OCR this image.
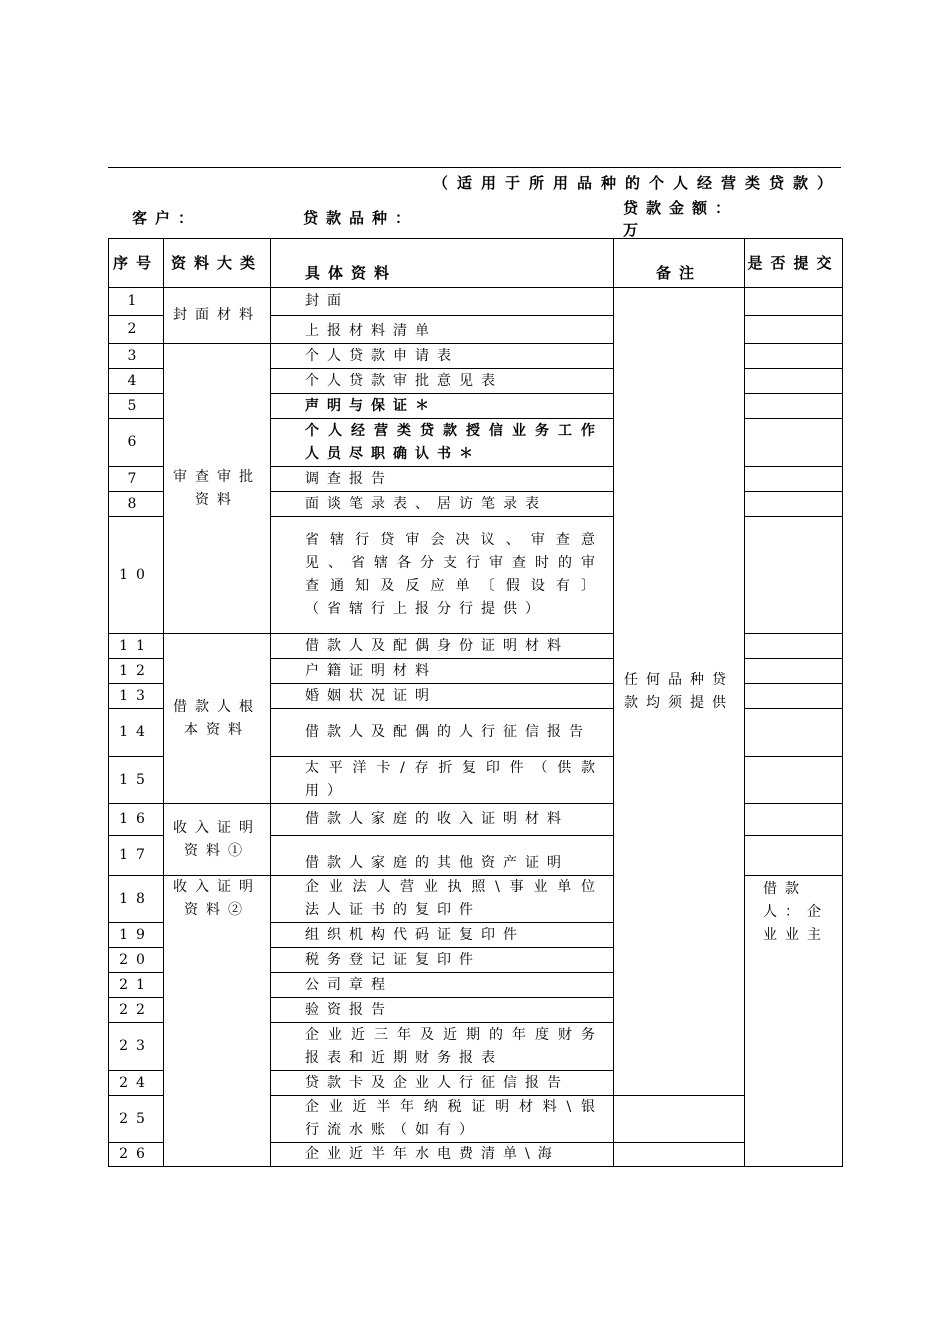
（适用于所用品种的个人经营类贷款）
客户：	贷款品种：
贷款金额：
万
序号	资料大类	具体资料	备注	是否提交	
1	封面材料	封面	任何品种贷款均须提供		
2		上报材料清单			
3	审查审批资料	个人贷款申请表			
4		个人贷款审批意见表			
5		声明与保证＊			
6		个人经营类贷款授信业务工作人员尽职确认书＊			
7		调查报告			
8		面谈笔录表、居访笔录表			
10		省辖行贷审会决议、审查意见、省辖各分支行审查时的审查通知及反应单〔假设有〕（省辖行上报分行提供）			
11	借款人根本资料	借款人及配偶身份证明材料			
12		户籍证明材料			
13		婚姻状况证明			
14		借款人及配偶的人行征信报告			
15		太平洋卡/存折复印件（供款用）			
16	收入证明资料①	借款人家庭的收入证明材料			
17		借款人家庭的其他资产证明			
18	收入证明资料②	企业法人营业执照\事业单位法人证书的复印件		借款人：企业业主	
19		组织机构代码证复印件			
20		税务登记证复印件			
21		公司章程			
22		验资报告			
23		企业近三年及近期的年度财务报表和近期财务报表			
24		贷款卡及企业人行征信报告			
25		企业近半年纳税证明材料\银行流水账（如有）			
26		企业近半年水电费清单\海			
